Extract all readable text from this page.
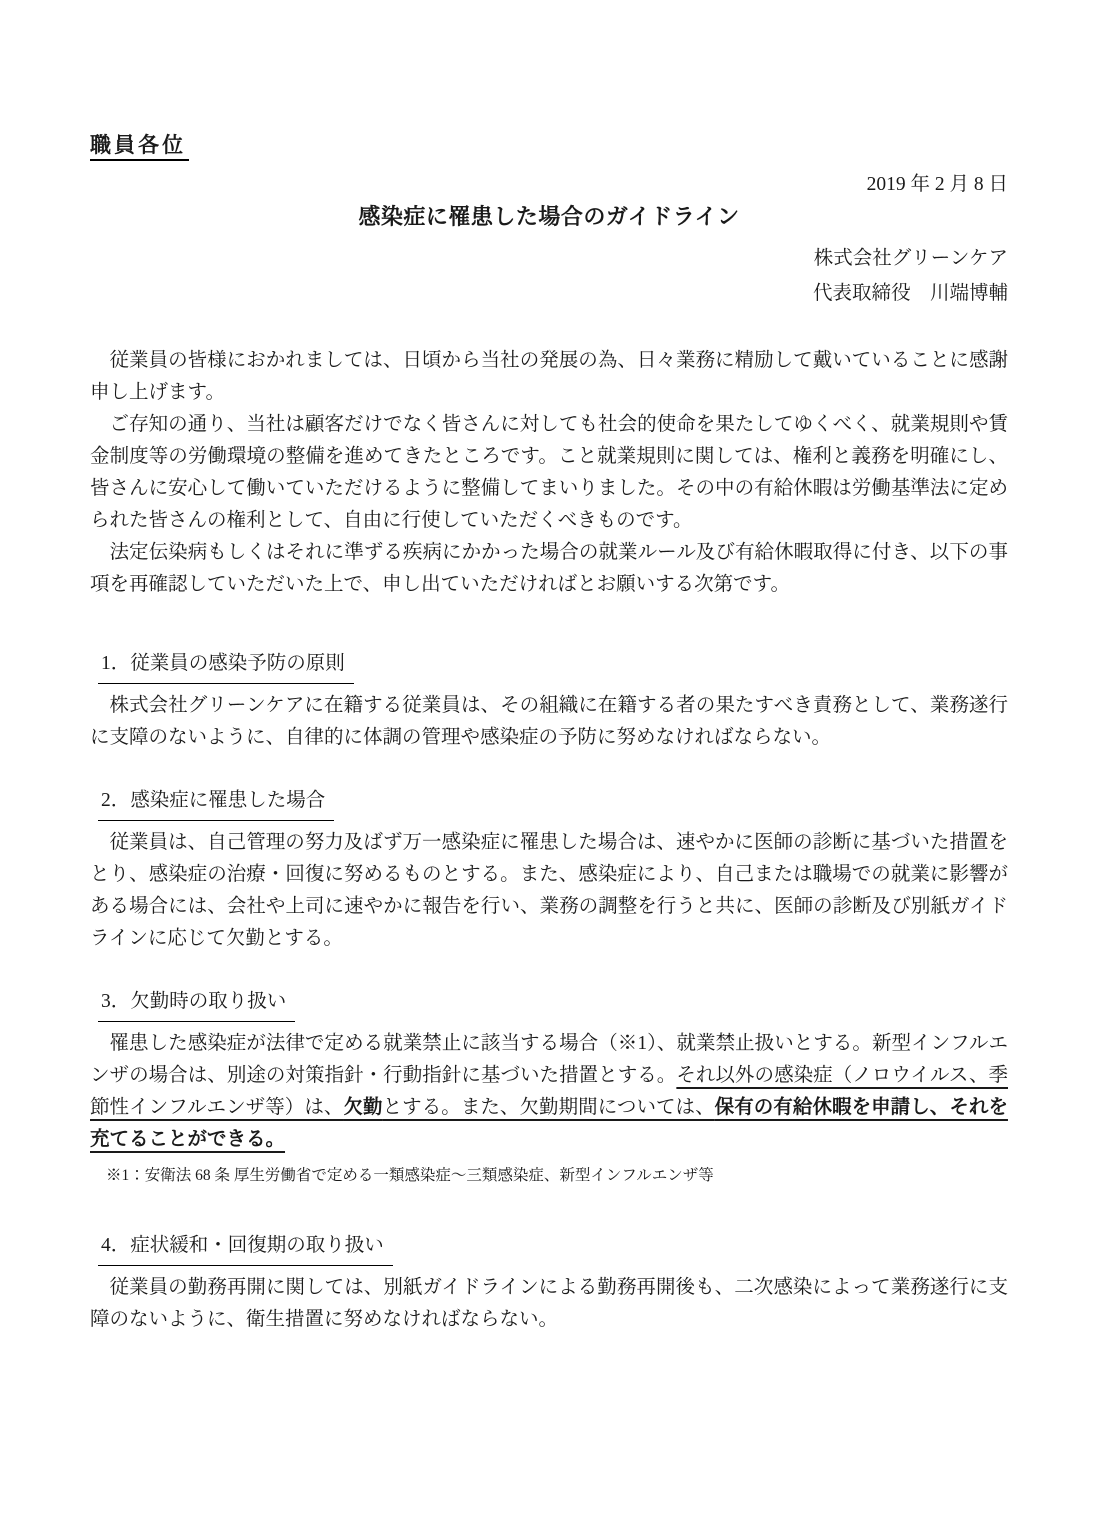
職員各位
2019 年 2 月 8 日
感染症に罹患した場合のガイドライン
株式会社グリーンケア
代表取締役　川端博輔

従業員の皆様におかれましては、日頃から当社の発展の為、日々業務に精励して戴いていることに感謝申し上げます。

ご存知の通り、当社は顧客だけでなく皆さんに対しても社会的使命を果たしてゆくべく、就業規則や賃金制度等の労働環境の整備を進めてきたところです。こと就業規則に関しては、権利と義務を明確にし、皆さんに安心して働いていただけるように整備してまいりました。その中の有給休暇は労働基準法に定められた皆さんの権利として、自由に行使していただくべきものです。

法定伝染病もしくはそれに準ずる疾病にかかった場合の就業ルール及び有給休暇取得に付き、以下の事項を再確認していただいた上で、申し出ていただければとお願いする次第です。

1．従業員の感染予防の原則

株式会社グリーンケアに在籍する従業員は、その組織に在籍する者の果たすべき責務として、業務遂行に支障のないように、自律的に体調の管理や感染症の予防に努めなければならない。

2．感染症に罹患した場合

従業員は、自己管理の努力及ばず万一感染症に罹患した場合は、速やかに医師の診断に基づいた措置をとり、感染症の治療・回復に努めるものとする。また、感染症により、自己または職場での就業に影響がある場合には、会社や上司に速やかに報告を行い、業務の調整を行うと共に、医師の診断及び別紙ガイドラインに応じて欠勤とする。

3．欠勤時の取り扱い

罹患した感染症が法律で定める就業禁止に該当する場合（※1）、就業禁止扱いとする。新型インフルエンザの場合は、別途の対策指針・行動指針に基づいた措置とする。それ以外の感染症（ノロウイルス、季節性インフルエンザ等）は、欠勤とする。また、欠勤期間については、保有の有給休暇を申請し、それを充てることができる。

※1：安衛法 68 条 厚生労働省で定める一類感染症～三類感染症、新型インフルエンザ等
4．症状緩和・回復期の取り扱い

従業員の勤務再開に関しては、別紙ガイドラインによる勤務再開後も、二次感染によって業務遂行に支障のないように、衛生措置に努めなければならない。
